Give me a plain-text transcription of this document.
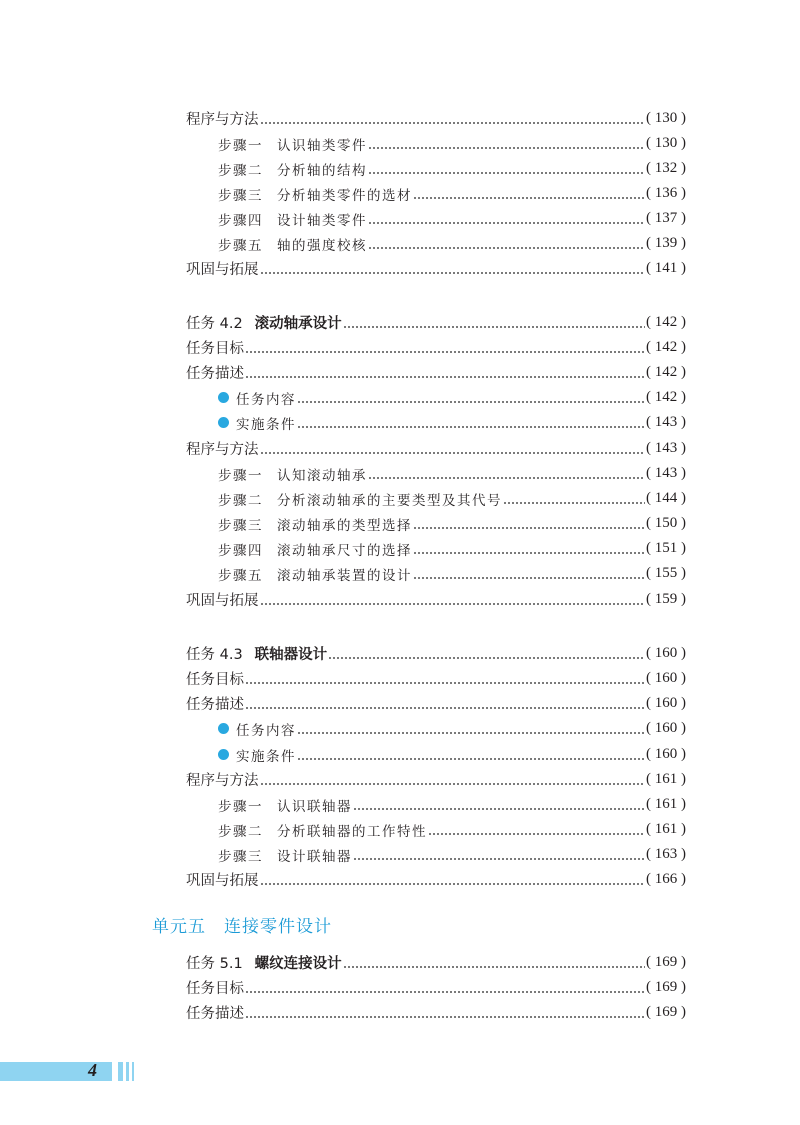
程序与方法	( 130 )
步骤一 认识轴类零件	( 130 )
步骤二 分析轴的结构	( 132 )
步骤三 分析轴类零件的选材	( 136 )
步骤四 设计轴类零件	( 137 )
步骤五 轴的强度校核	( 139 )
巩固与拓展	( 141 )
任务 4.2 滚动轴承设计	( 142 )
任务目标	( 142 )
任务描述	( 142 )
任务内容	( 142 )
实施条件	( 143 )
程序与方法	( 143 )
步骤一 认知滚动轴承	( 143 )
步骤二 分析滚动轴承的主要类型及其代号	( 144 )
步骤三 滚动轴承的类型选择	( 150 )
步骤四 滚动轴承尺寸的选择	( 151 )
步骤五 滚动轴承装置的设计	( 155 )
巩固与拓展	( 159 )
任务 4.3 联轴器设计	( 160 )
任务目标	( 160 )
任务描述	( 160 )
任务内容	( 160 )
实施条件	( 160 )
程序与方法	( 161 )
步骤一 认识联轴器	( 161 )
步骤二 分析联轴器的工作特性	( 161 )
步骤三 设计联轴器	( 163 )
巩固与拓展	( 166 )
任务 5.1 螺纹连接设计	( 169 )
任务目标	( 169 )
任务描述	( 169 )
单元五 连接零件设计
4
